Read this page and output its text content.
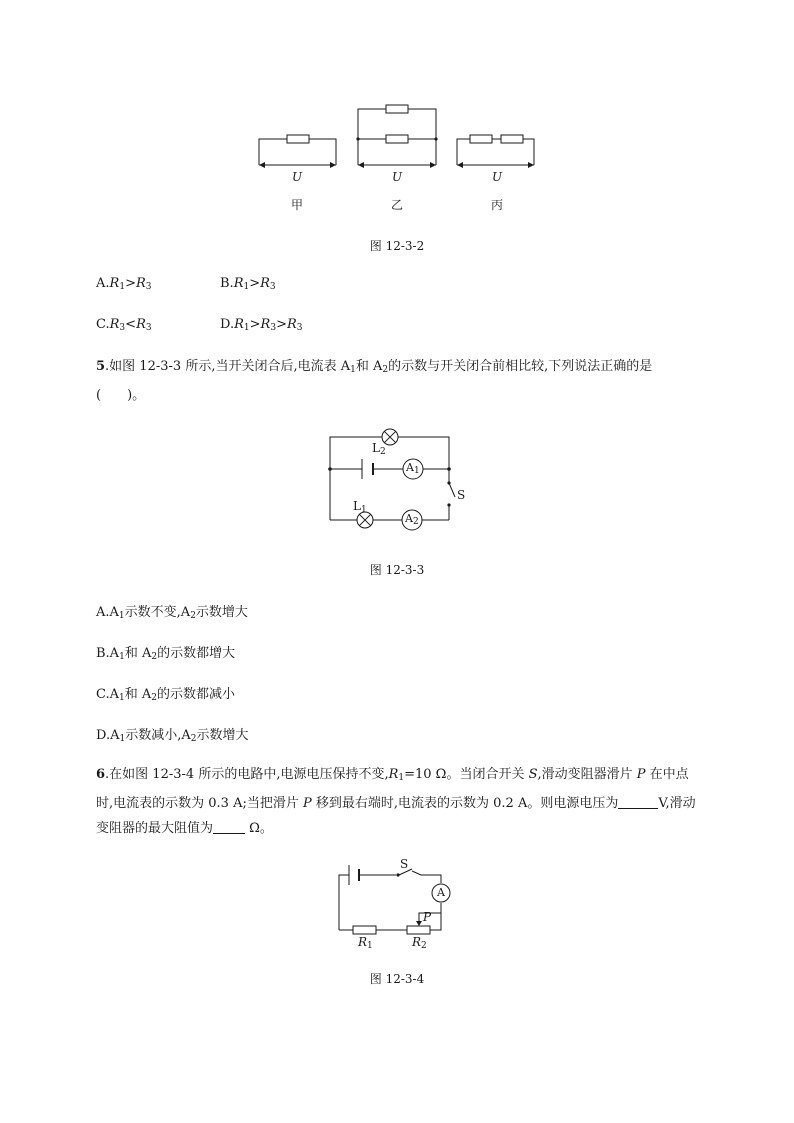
U	U	U
甲	乙	丙
图 12-3-2
$A.R_1>R_3$	$B.R_1>R_3$
$C.R_3<R_3$	$D.R_1>R_3>R_3$
5.如图 12-3-3 所示,当开关闭合后,电流表 $A_1$和 $A_2$的示数与开关闭合前相比较,下列说法正确的是
(　　)。
$L_2$
$A_1$
S
$L_1$
$A_2$
图 12-3-3
$A.A_1$示数不变$,A_2$示数增大
$B.A_1$和 $A_2$的示数都增大
$C.A_1$和 $A_2$的示数都减小
$D.A_1$示数减小$,A_2$示数增大
6.在如图 12-3-4 所示的电路中,电源电压保持不变$,R_1=10$ Ω。当闭合开关 S,滑动变阻器滑片 P 在中点时,电流表的示数为 0.3 A;当把滑片 P 移到最右端时,电流表的示数为 0.2 A。则电源电压为	V,滑动变阻器的最大阻值为 Ω。
S
A
P
$R_1$	$R_2$
图 12-3-4
